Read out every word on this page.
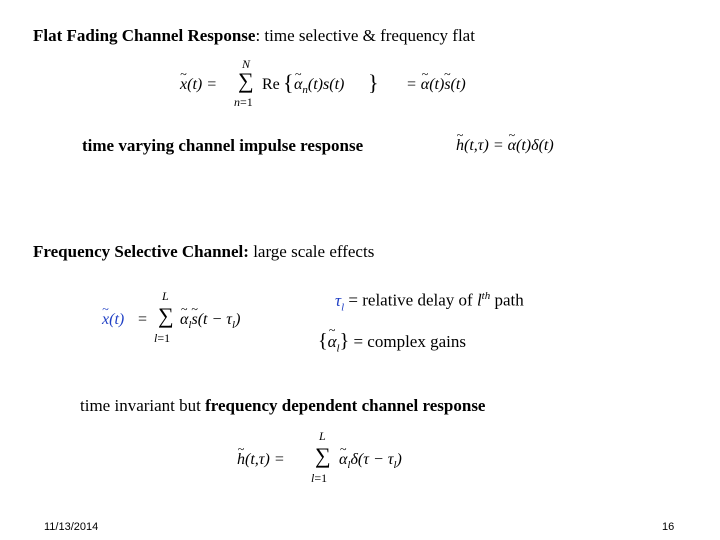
Flat Fading Channel Response: time selective & frequency flat
~ x(t) =
N
∑
n=1
Re { ~ $\alpha_n(t)s(t)$ } = ~ α(t)~ s(t)
time varying channel impulse response	~ h(t,τ) = ~ α(t)δ(t)
Frequency Selective Channel: large scale effects
~ x(t) =
L
∑
l=1
~ $\alpha_l\sim$ $s(t - \tau_l)$
$\tau_l$ = relative delay of $l^{th}$ path
{~ $\alpha_l$} = complex gains
time invariant but frequency dependent channel response
~ h(t,τ) =
L
∑
l=1
~ $\alpha_l\delta(\tau - \tau_l)$
11/13/2014	16
